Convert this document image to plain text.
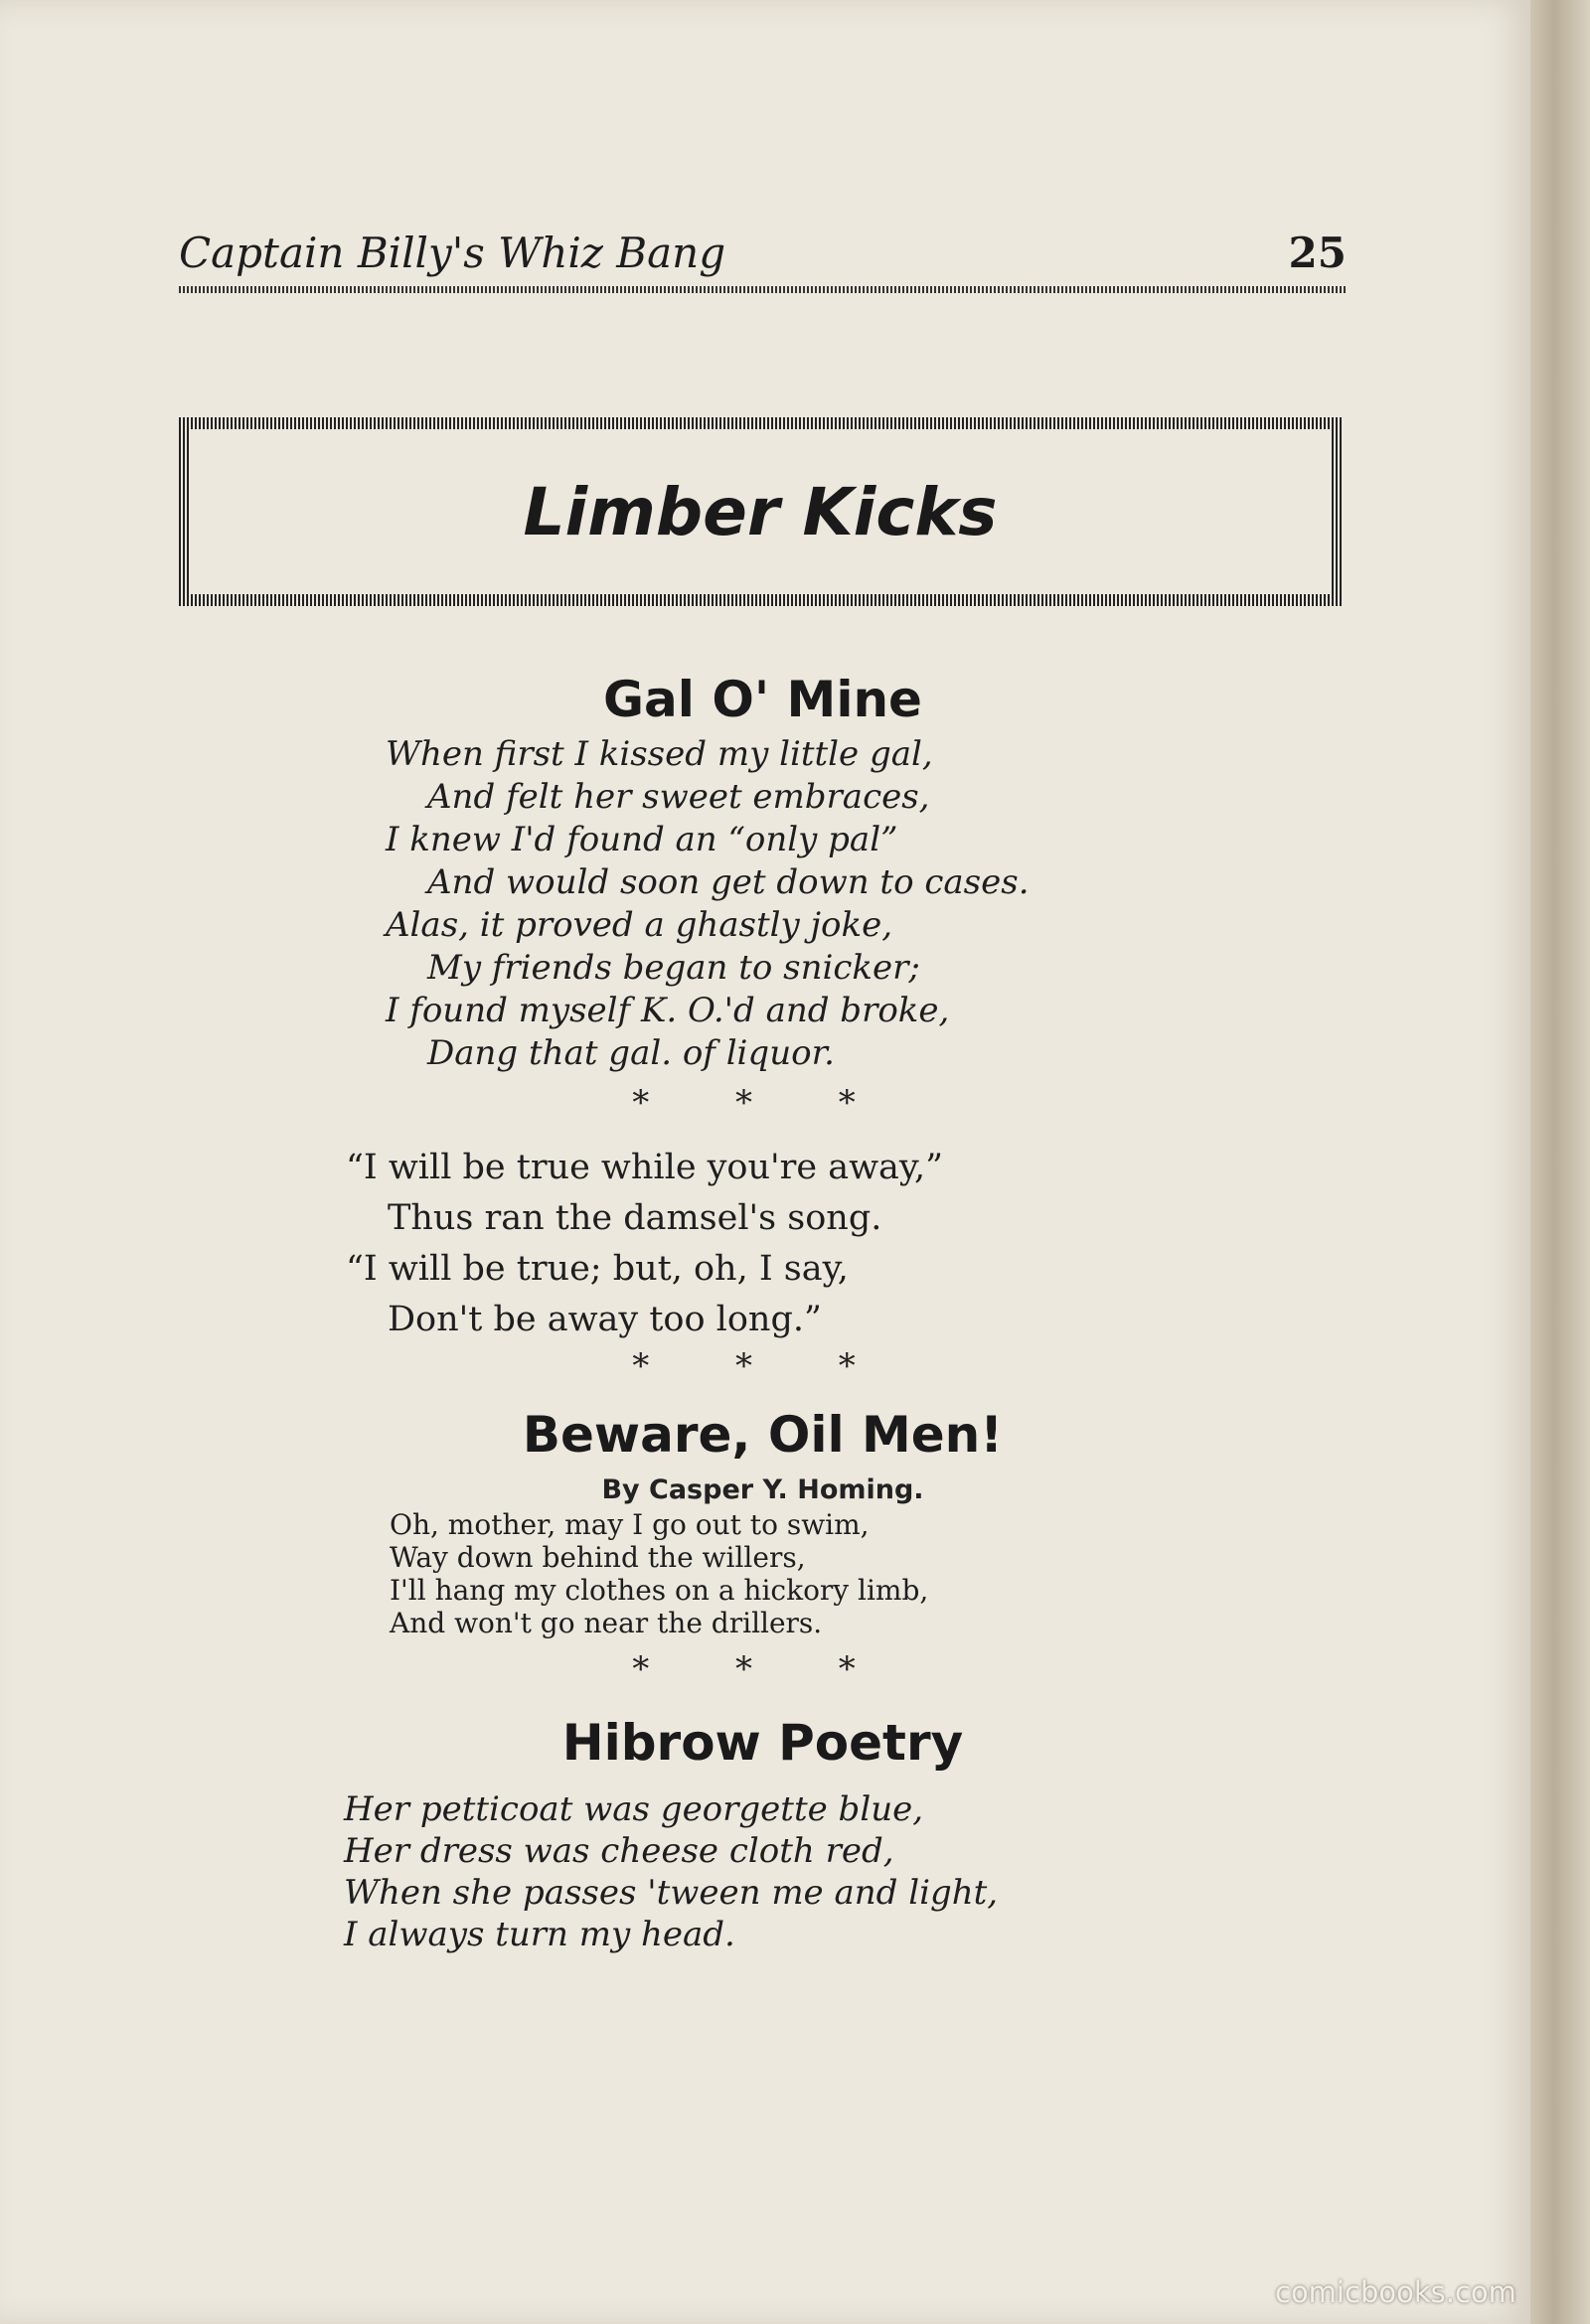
Captain Billy's Whiz Bang	25
Limber Kicks
Gal O' Mine
When first I kissed my little gal,
And felt her sweet embraces,
I knew I'd found an “only pal”
And would soon get down to cases.
Alas, it proved a ghastly joke,
My friends began to snicker;
I found myself K. O.'d and broke,
Dang that gal. of liquor.
* * *
“I will be true while you're away,”
Thus ran the damsel's song.
“I will be true; but, oh, I say,
Don't be away too long.”
* * *
Beware, Oil Men!
By Casper Y. Homing.
Oh, mother, may I go out to swim,
Way down behind the willers,
I'll hang my clothes on a hickory limb,
And won't go near the drillers.
* * *
Hibrow Poetry
Her petticoat was georgette blue,
Her dress was cheese cloth red,
When she passes 'tween me and light,
I always turn my head.
comicbooks.com
